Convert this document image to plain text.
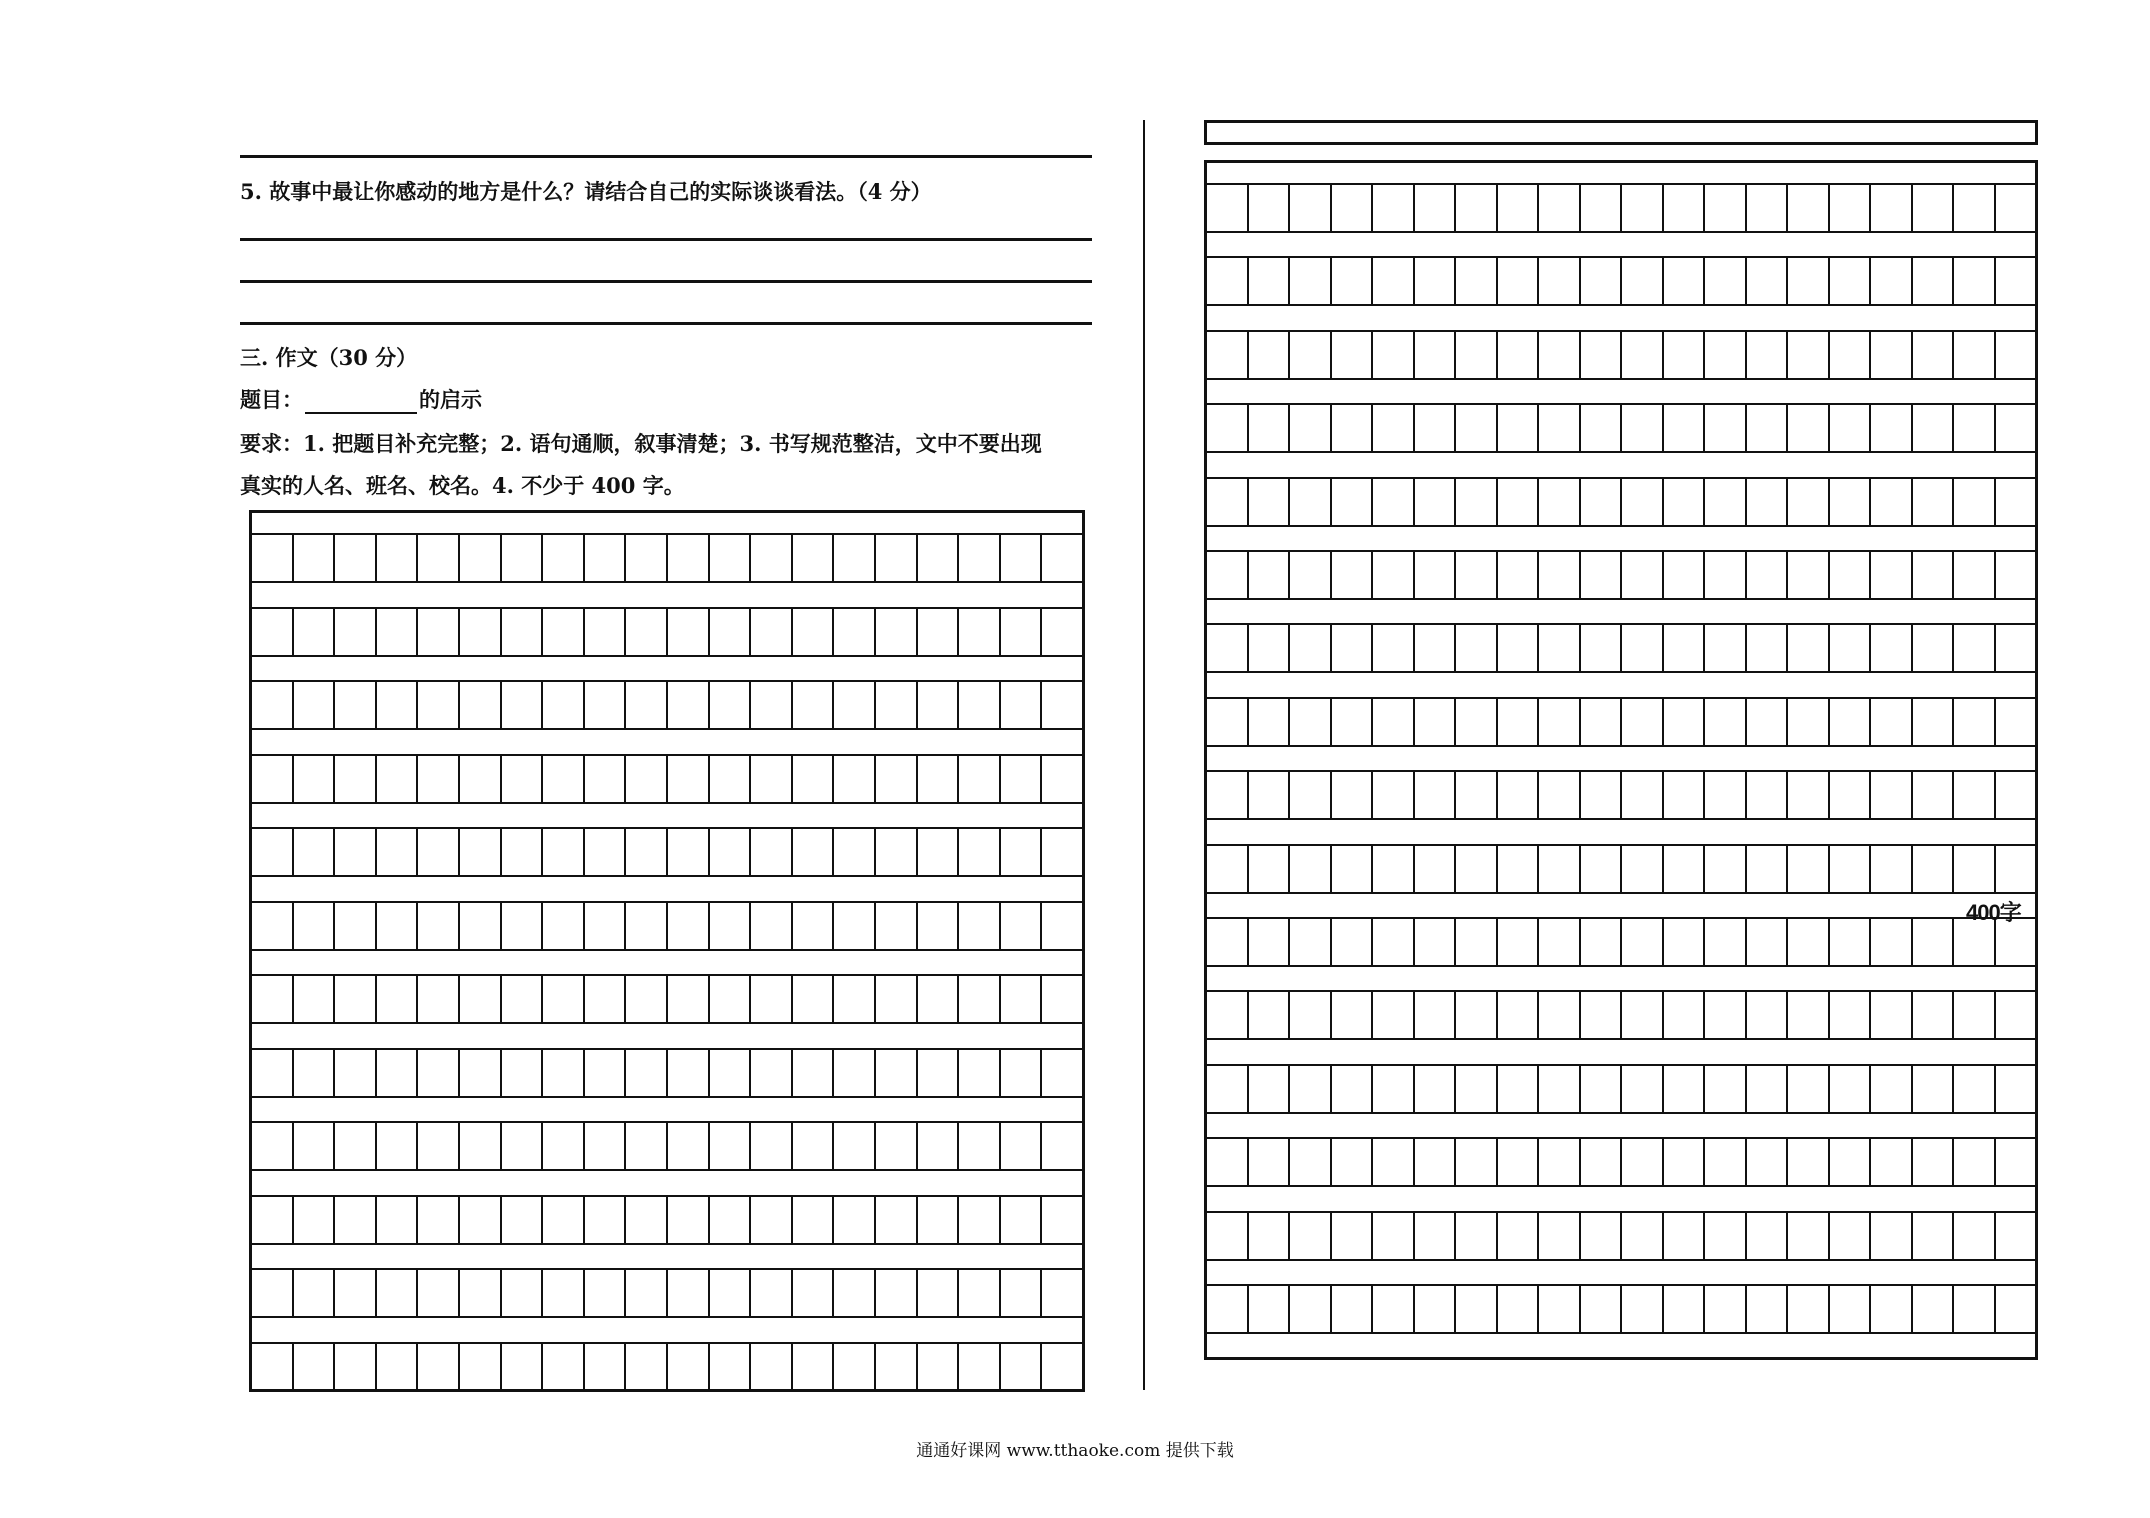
5. 故事中最让你感动的地方是什么？请结合自己的实际谈谈看法。（4 分）
三. 作文（30 分）
题目：	的启示
要求：1. 把题目补充完整；2. 语句通顺，叙事清楚；3. 书写规范整洁，文中不要出现
真实的人名、班名、校名。4. 不少于 400 字。
400字
通通好课网 www.tthaoke.com 提供下载
